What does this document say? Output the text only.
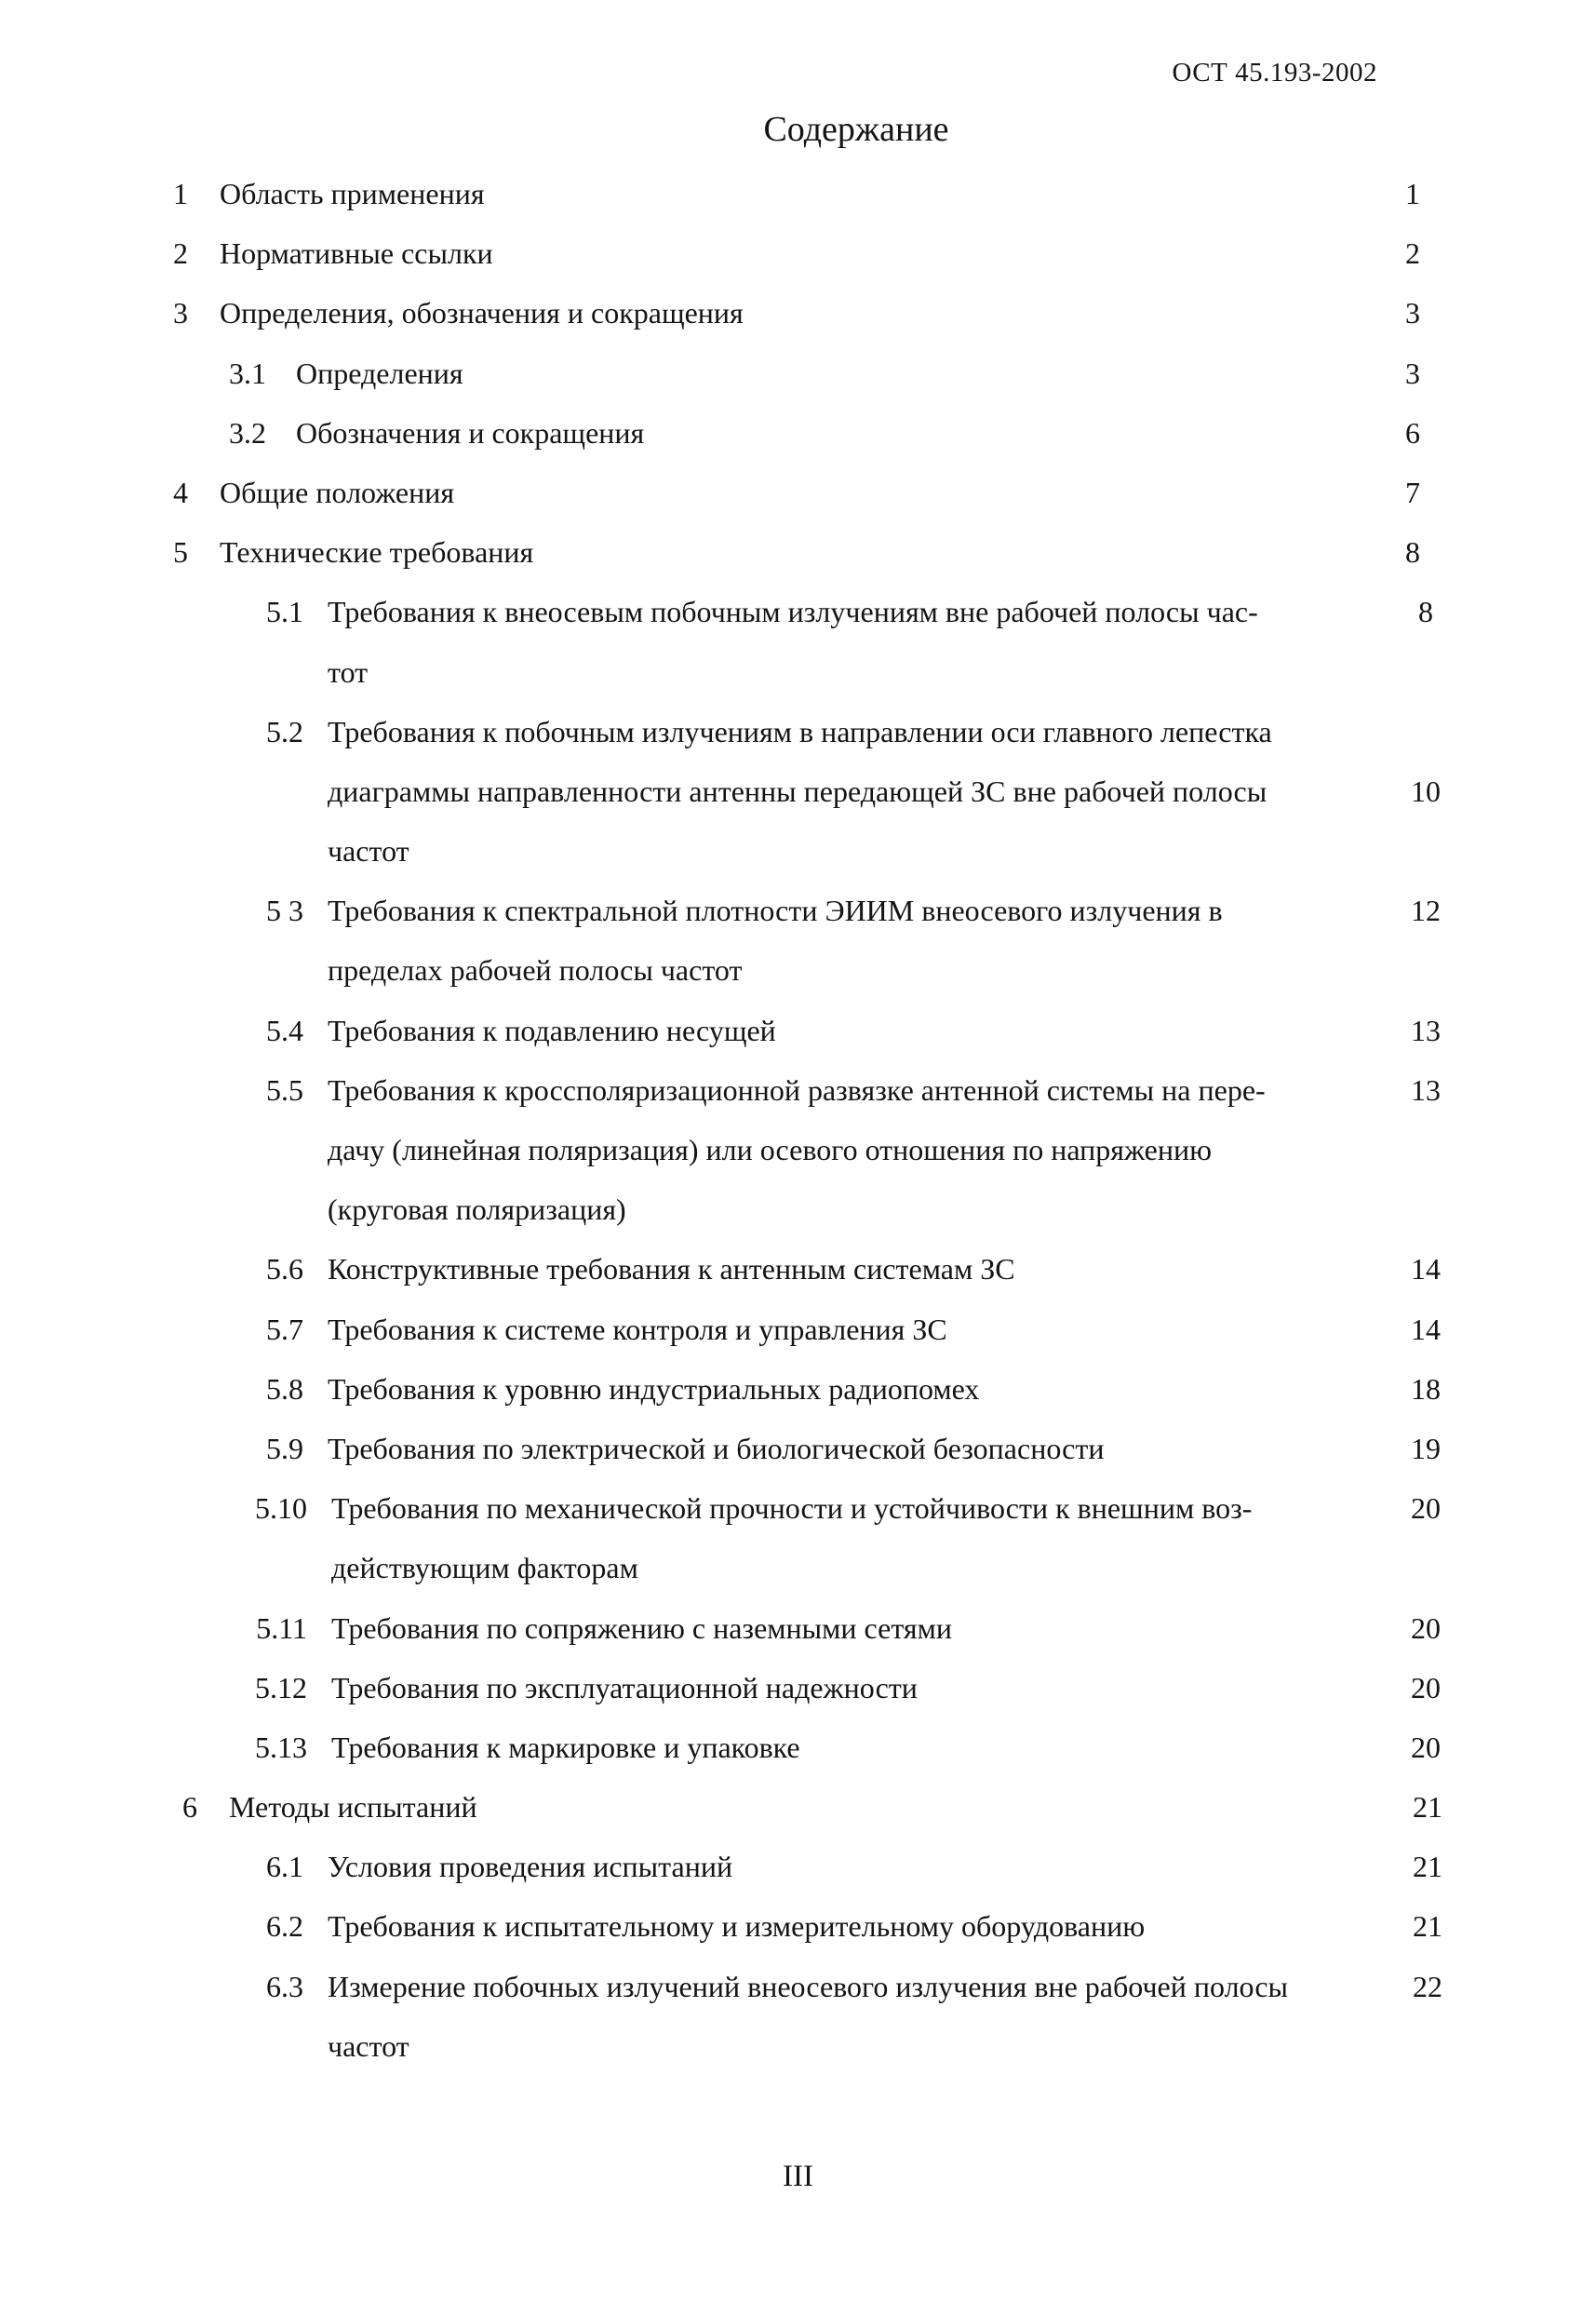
ОСТ 45.193-2002
Содержание
1 Область применения	1
2 Нормативные ссылки	2
3 Определения, обозначения и сокращения	3
3.1 Определения	3
3.2 Обозначения и сокращения	6
4 Общие положения	7
5 Технические требования	8
5.1 Требования к внеосевым побочным излучениям вне рабочей полосы час-	8
тот
5.2 Требования к побочным излучениям в направлении оси главного лепестка
диаграммы направленности антенны передающей ЗС вне рабочей полосы	10
частот
5 3 Требования к спектральной плотности ЭИИМ внеосевого излучения в	12
пределах рабочей полосы частот
5.4 Требования к подавлению несущей	13
5.5 Требования к кроссполяризационной развязке антенной системы на пере-	13
дачу (линейная поляризация) или осевого отношения по напряжению
(круговая поляризация)
5.6 Конструктивные требования к антенным системам ЗС	14
5.7 Требования к системе контроля и управления ЗС	14
5.8 Требования к уровню индустриальных радиопомех	18
5.9 Требования по электрической и биологической безопасности	19
5.10 Требования по механической прочности и устойчивости к внешним воз-	20
действующим факторам
5.11 Требования по сопряжению с наземными сетями	20
5.12 Требования по эксплуатационной надежности	20
5.13 Требования к маркировке и упаковке	20
6 Методы испытаний	21
6.1 Условия проведения испытаний	21
6.2 Требования к испытательному и измерительному оборудованию	21
6.3 Измерение побочных излучений внеосевого излучения вне рабочей полосы	22
частот
III
